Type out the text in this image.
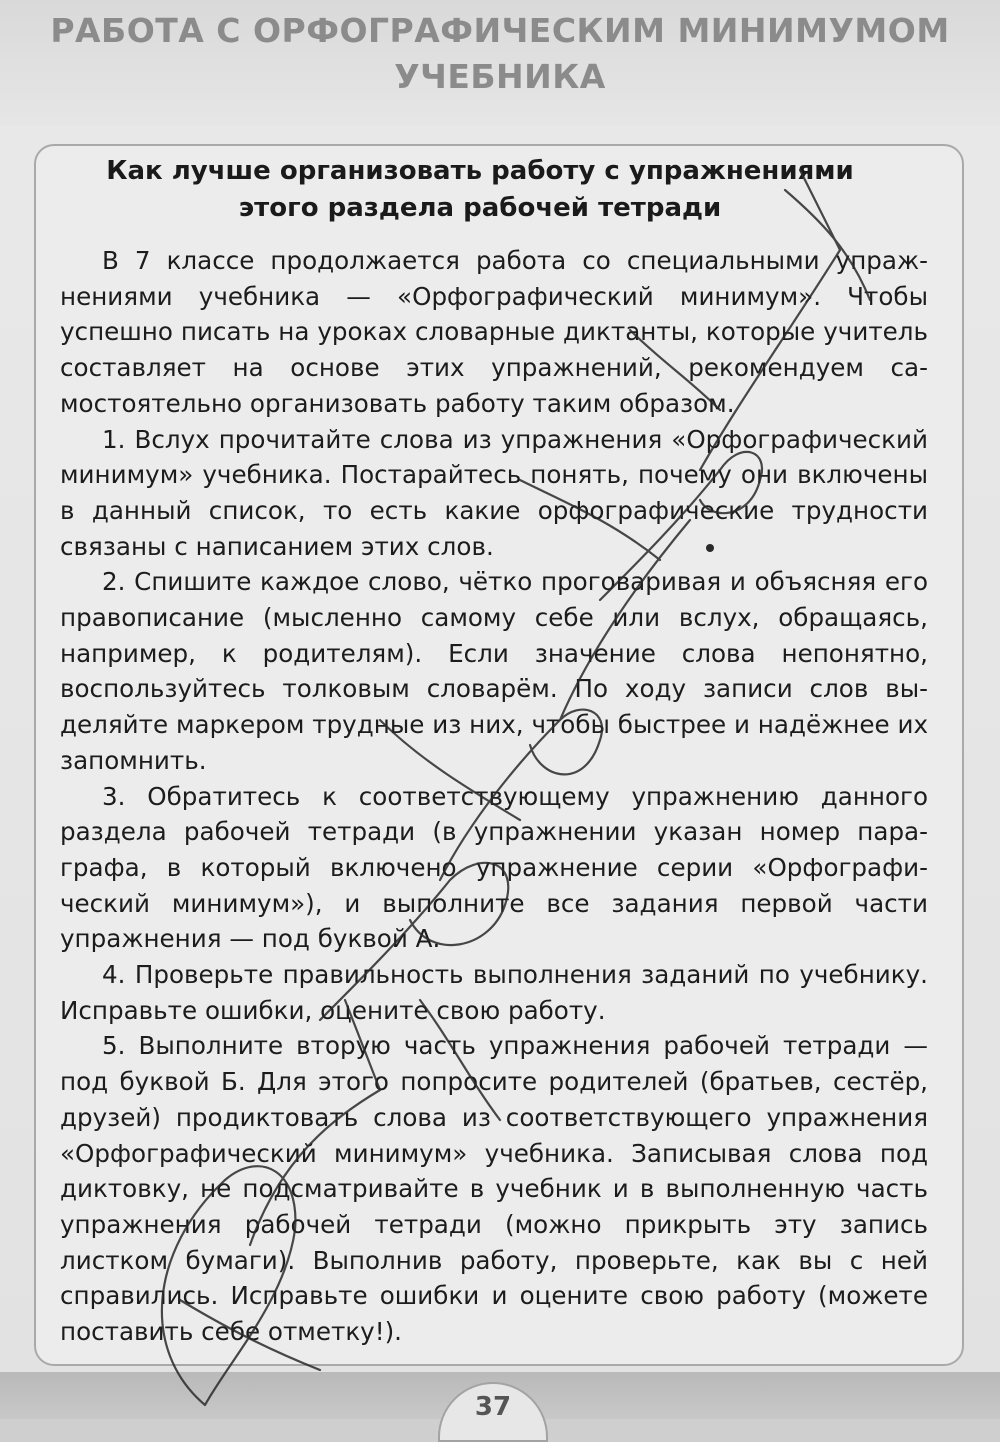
РАБОТА С ОРФОГРАФИЧЕСКИМ МИНИМУМОМ
УЧЕБНИКА
Как лучше организовать работу с упражнениями
этого раздела рабочей тетради

В 7 классе продолжается работа со специальными упражнениями учебника — «Орфографический минимум». Чтобы успешно писать на уроках словарные диктанты, которые учитель составляет на основе этих упражнений, рекомендуем самостоятельно организовать работу таким образом.

1. Вслух прочитайте слова из упражнения «Орфографический минимум» учебника. Постарайтесь понять, почему они включены в данный список, то есть какие орфографические трудности связаны с написанием этих слов.

2. Спишите каждое слово, чётко проговаривая и объясняя его правописание (мысленно самому себе или вслух, обращаясь, например, к родителям). Если значение слова непонятно, воспользуйтесь толковым словарём. По ходу записи слов выделяйте маркером трудные из них, чтобы быстрее и надёжнее их запомнить.

3. Обратитесь к соответствующему упражнению данного раздела рабочей тетради (в упражнении указан номер параграфа, в который включено упражнение серии «Орфографический минимум»), и выполните все задания первой части упражнения — под буквой А.

4. Проверьте правильность выполнения заданий по учебнику. Исправьте ошибки, оцените свою работу.

5. Выполните вторую часть упражнения рабочей тетради — под буквой Б. Для этого попросите родителей (братьев, сестёр, друзей) продиктовать слова из соответствующего упражнения «Орфографический минимум» учебника. Записывая слова под диктовку, не подсматривайте в учебник и в выполненную часть упражнения рабочей тетради (можно прикрыть эту запись листком бумаги). Выполнив работу, проверьте, как вы с ней справились. Исправьте ошибки и оцените свою работу (можете поставить себе отметку!).

37
